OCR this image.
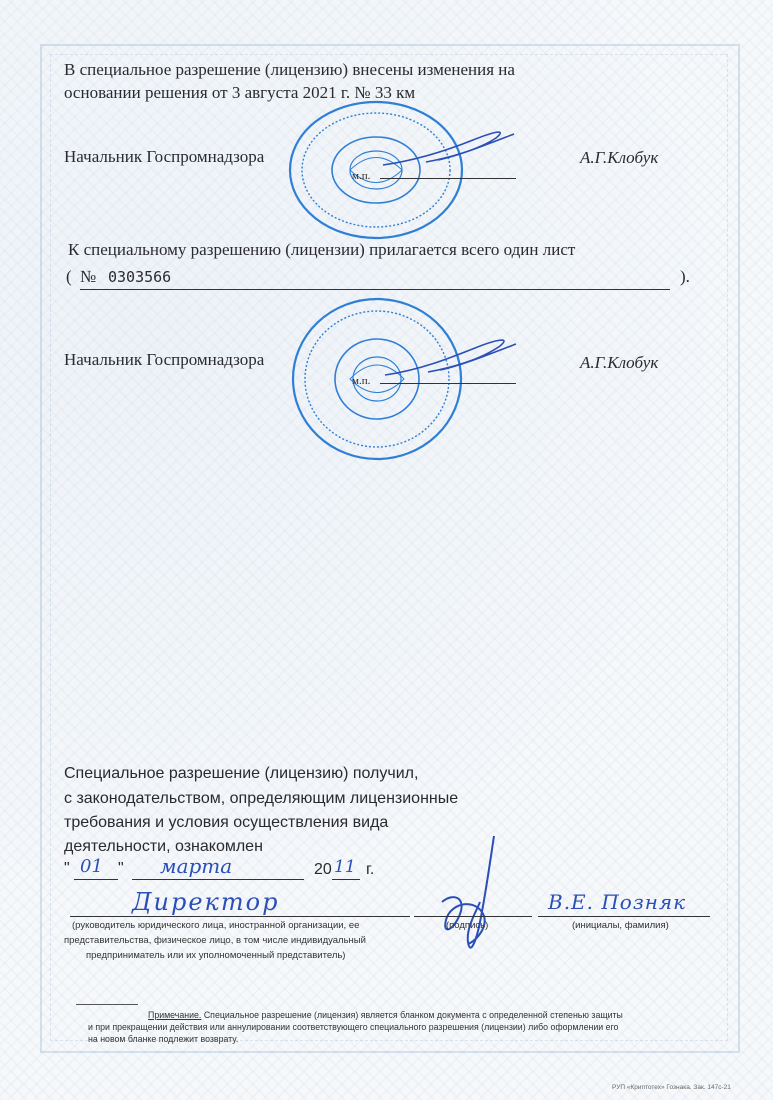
В специальное разрешение (лицензию) внесены изменения на
основании решения от 3 августа 2021 г. № 33 км
Начальник Госпромнадзора
м.п.
А.Г.Клобук
К специальному разрешению (лицензии) прилагается всего один лист
( № 0303566	).
Начальник Госпромнадзора
м.п.
А.Г.Клобук
Специальное разрешение (лицензию) получил,
с законодательством, определяющим лицензионные
требования и условия осуществления вида
деятельности, ознакомлен
" 01 " марта	20 11 г.
Директор	В.Е. Позняк
(руководитель юридического лица, иностранной организации, ее
представительства, физическое лицо, в том числе индивидуальный
предприниматель или их уполномоченный представитель)
(подпись)	(инициалы, фамилия)
Примечание. Специальное разрешение (лицензия) является бланком документа с определенной степенью защиты
и при прекращении действия или аннулировании соответствующего специального разрешения (лицензии) либо оформлении его
на новом бланке подлежит возврату.
РУП «Криптотех» Гознака. Зак. 147с-21
